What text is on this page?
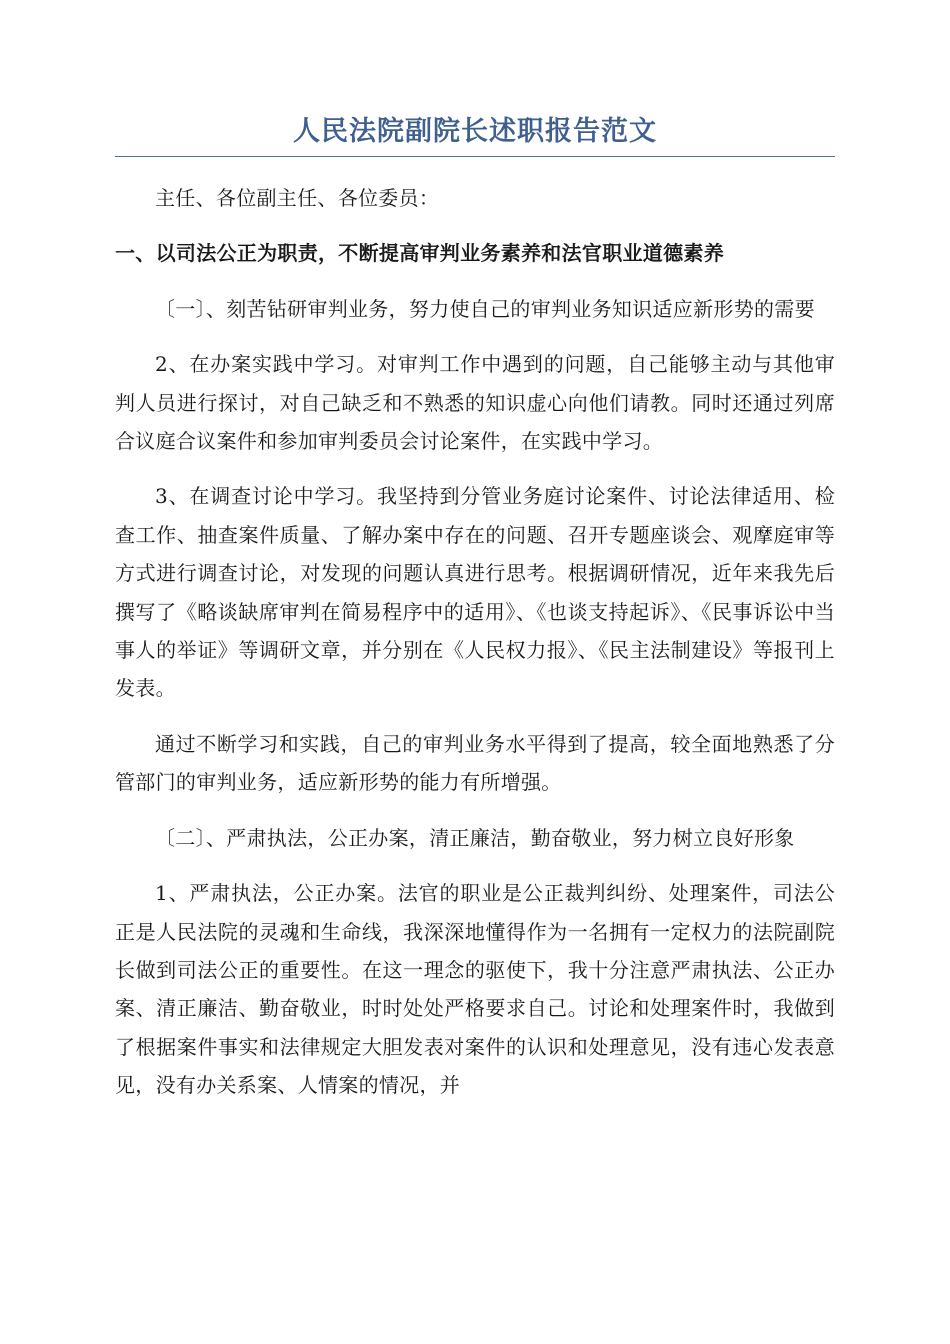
人民法院副院长述职报告范文

主任、各位副主任、各位委员：

一、以司法公正为职责，不断提高审判业务素养和法官职业道德素养

〔一〕、刻苦钻研审判业务，努力使自己的审判业务知识适应新形势的需要

2、在办案实践中学习。对审判工作中遇到的问题，自己能够主动与其他审判人员进行探讨，对自己缺乏和不熟悉的知识虚心向他们请教。同时还通过列席合议庭合议案件和参加审判委员会讨论案件，在实践中学习。

3、在调查讨论中学习。我坚持到分管业务庭讨论案件、讨论法律适用、检查工作、抽查案件质量、了解办案中存在的问题、召开专题座谈会、观摩庭审等方式进行调查讨论，对发现的问题认真进行思考。根据调研情况，近年来我先后撰写了《略谈缺席审判在简易程序中的适用》、《也谈支持起诉》、《民事诉讼中当事人的举证》等调研文章，并分别在《人民权力报》、《民主法制建设》等报刊上发表。

通过不断学习和实践，自己的审判业务水平得到了提高，较全面地熟悉了分管部门的审判业务，适应新形势的能力有所增强。

〔二〕、严肃执法，公正办案，清正廉洁，勤奋敬业，努力树立良好形象

1、严肃执法，公正办案。法官的职业是公正裁判纠纷、处理案件，司法公正是人民法院的灵魂和生命线，我深深地懂得作为一名拥有一定权力的法院副院长做到司法公正的重要性。在这一理念的驱使下，我十分注意严肃执法、公正办案、清正廉洁、勤奋敬业，时时处处严格要求自己。讨论和处理案件时，我做到了根据案件事实和法律规定大胆发表对案件的认识和处理意见，没有违心发表意见，没有办关系案、人情案的情况，并
